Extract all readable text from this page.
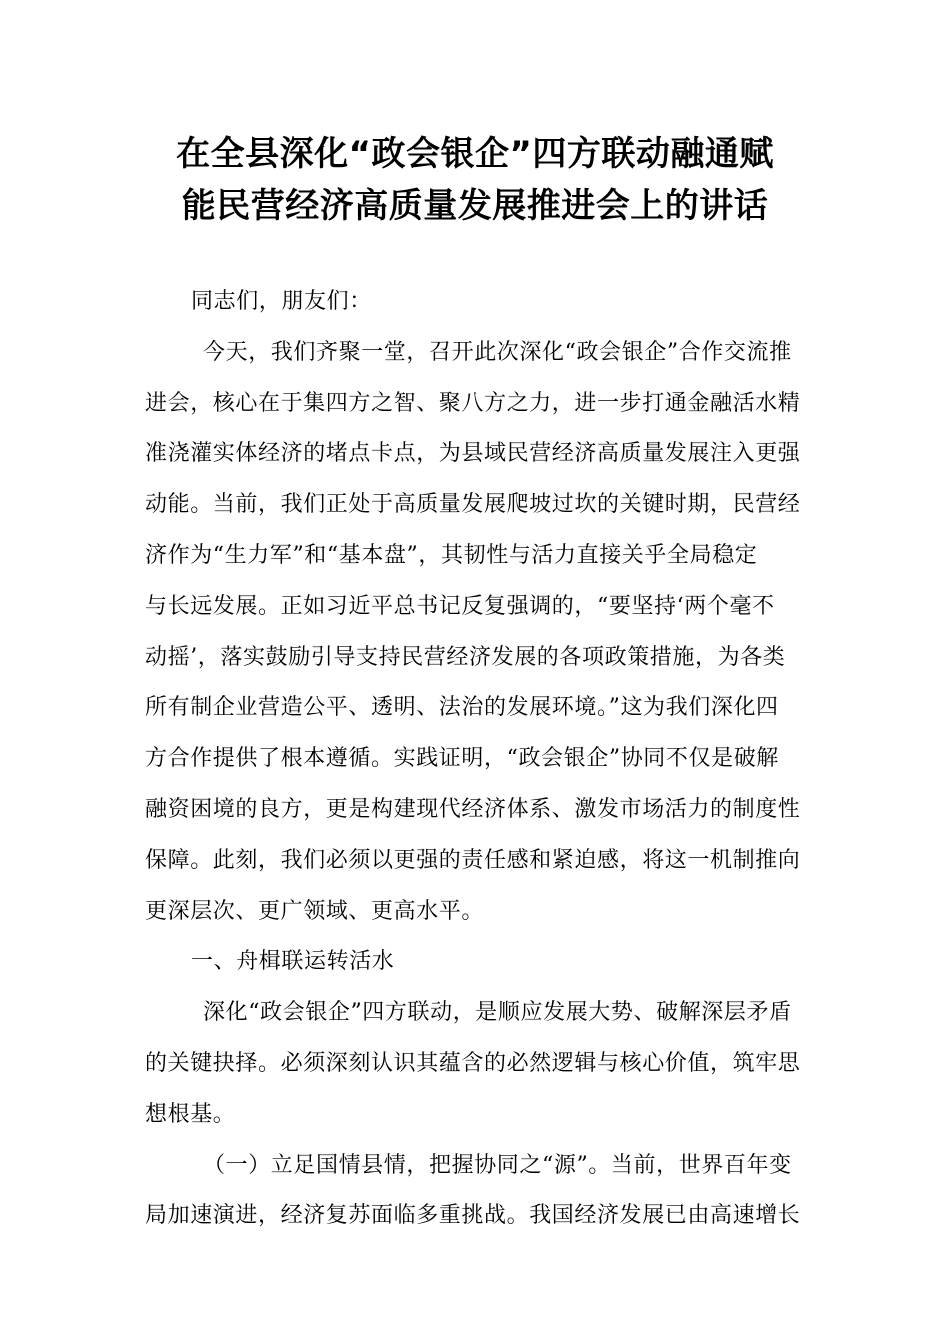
在全县深化“政会银企”四方联动融通赋
能民营经济高质量发展推进会上的讲话
同志们，朋友们：
今天，我们齐聚一堂，召开此次深化“政会银企”合作交流推
进会，核心在于集四方之智、聚八方之力，进一步打通金融活水精
准浇灌实体经济的堵点卡点，为县域民营经济高质量发展注入更强
动能。当前，我们正处于高质量发展爬坡过坎的关键时期，民营经
济作为“生力军”和“基本盘”，其韧性与活力直接关乎全局稳定
与长远发展。正如习近平总书记反复强调的，“要坚持‘两个毫不
动摇’，落实鼓励引导支持民营经济发展的各项政策措施，为各类
所有制企业营造公平、透明、法治的发展环境。”这为我们深化四
方合作提供了根本遵循。实践证明，“政会银企”协同不仅是破解
融资困境的良方，更是构建现代经济体系、激发市场活力的制度性
保障。此刻，我们必须以更强的责任感和紧迫感，将这一机制推向
更深层次、更广领域、更高水平。
一、舟楫联运转活水
深化“政会银企”四方联动，是顺应发展大势、破解深层矛盾
的关键抉择。必须深刻认识其蕴含的必然逻辑与核心价值，筑牢思
想根基。
（一）立足国情县情，把握协同之“源”。当前，世界百年变
局加速演进，经济复苏面临多重挑战。我国经济发展已由高速增长
